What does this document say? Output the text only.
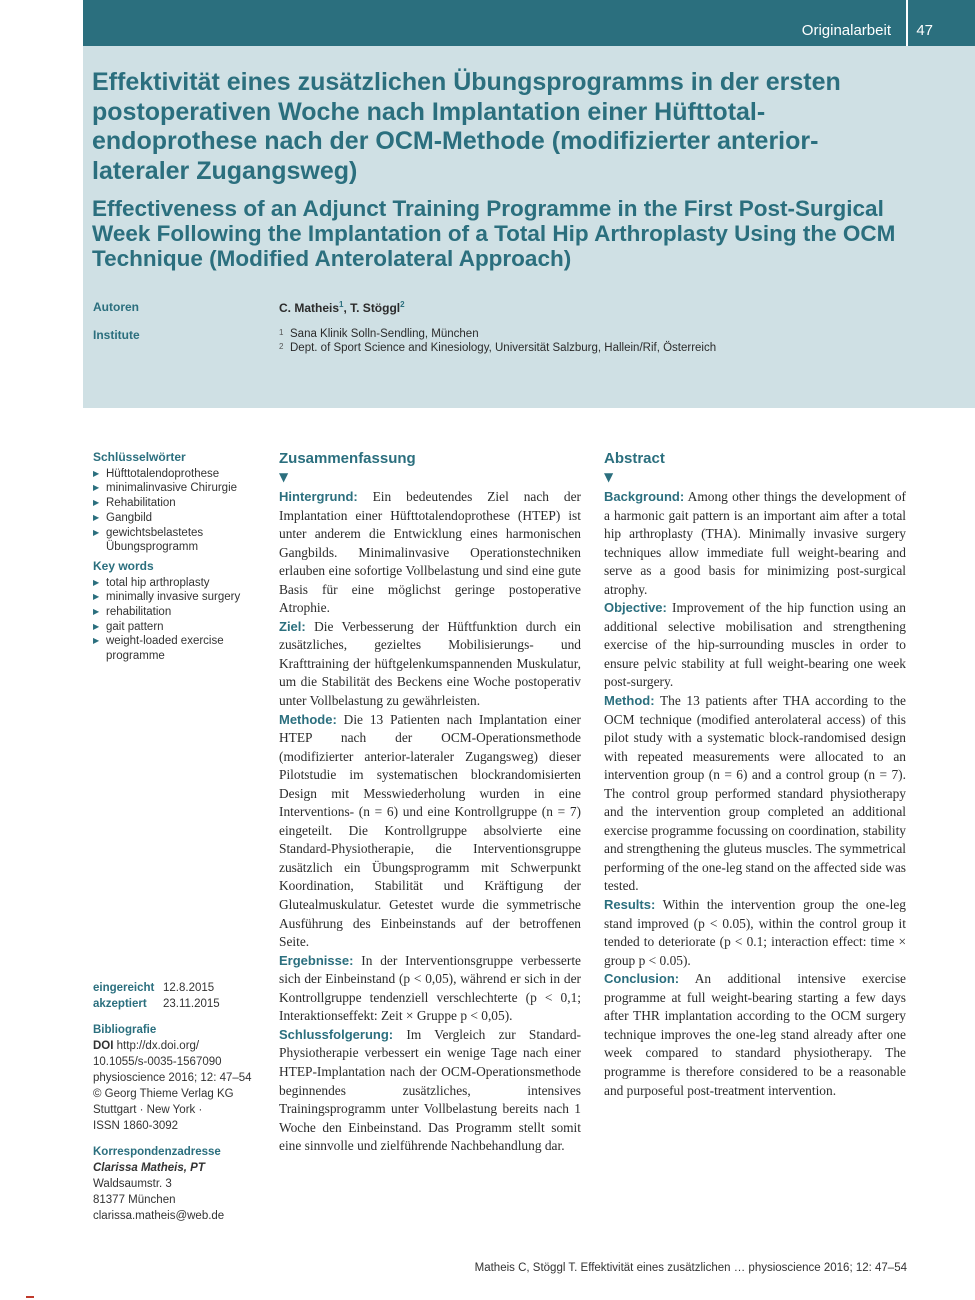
Originalarbeit 47
Effektivität eines zusätzlichen Übungsprogramms in der ersten postoperativen Woche nach Implantation einer Hüfttotalendoprothese nach der OCM-Methode (modifizierter anterior-lateraler Zugangsweg)
Effectiveness of an Adjunct Training Programme in the First Post-Surgical Week Following the Implantation of a Total Hip Arthroplasty Using the OCM Technique (Modified Anterolateral Approach)
Autoren	C. Matheis$^1$, T. Stöggl$^2$
Institute	1 Sana Klinik Solln-Sendling, München
2 Dept. of Sport Science and Kinesiology, Universität Salzburg, Hallein/Rif, Österreich
Schlüsselwörter
▶ Hüfttotalendoprothese
▶ minimalinvasive Chirurgie
▶ Rehabilitation
▶ Gangbild
▶ gewichtsbelastetes Übungsprogramm
Key words
▶ total hip arthroplasty
▶ minimally invasive surgery
▶ rehabilitation
▶ gait pattern
▶ weight-loaded exercise programme
eingereicht 12.8.2015
akzeptiert 23.11.2015
Bibliografie
DOI http://dx.doi.org/
10.1055/s-0035-1567090
physioscience 2016; 12: 47–54
© Georg Thieme Verlag KG
Stuttgart · New York ·
ISSN 1860-3092
Korrespondenzadresse
Clarissa Matheis, PT
Waldsaumstr. 3
81377 München
clarissa.matheis@web.de
Zusammenfassung
▼

Hintergrund: Ein bedeutendes Ziel nach der Implantation einer Hüfttotalendoprothese (HTEP) ist unter anderem die Entwicklung eines harmonischen Gangbilds. Minimalinvasive Operationstechniken erlauben eine sofortige Vollbelastung und sind eine gute Basis für eine möglichst geringe postoperative Atrophie.

Ziel: Die Verbesserung der Hüftfunktion durch ein zusätzliches, gezieltes Mobilisierungs- und Krafttraining der hüftgelenkumspannenden Muskulatur, um die Stabilität des Beckens eine Woche postoperativ unter Vollbelastung zu gewährleisten.

Methode: Die 13 Patienten nach Implantation einer HTEP nach der OCM-Operationsmethode (modifizierter anterior-lateraler Zugangsweg) dieser Pilotstudie im systematischen blockrandomisierten Design mit Messwiederholung wurden in eine Interventions- (n = 6) und eine Kontrollgruppe (n = 7) eingeteilt. Die Kontrollgruppe absolvierte eine Standard-Physiotherapie, die Interventionsgruppe zusätzlich ein Übungsprogramm mit Schwerpunkt Koordination, Stabilität und Kräftigung der Glutealmuskulatur. Getestet wurde die symmetrische Ausführung des Einbeinstands auf der betroffenen Seite.

Ergebnisse: In der Interventionsgruppe verbesserte sich der Einbeinstand (p < 0,05), während er sich in der Kontrollgruppe tendenziell verschlechterte (p < 0,1; Interaktionseffekt: Zeit × Gruppe p < 0,05).

Schlussfolgerung: Im Vergleich zur Standard-Physiotherapie verbessert ein wenige Tage nach einer HTEP-Implantation nach der OCM-Operationsmethode beginnendes zusätzliches, intensives Trainingsprogramm unter Vollbelastung bereits nach 1 Woche den Einbeinstand. Das Programm stellt somit eine sinnvolle und zielführende Nachbehandlung dar.

Abstract
▼

Background: Among other things the development of a harmonic gait pattern is an important aim after a total hip arthroplasty (THA). Minimally invasive surgery techniques allow immediate full weight-bearing and serve as a good basis for minimizing post-surgical atrophy.

Objective: Improvement of the hip function using an additional selective mobilisation and strengthening exercise of the hip-surrounding muscles in order to ensure pelvic stability at full weight-bearing one week post-surgery.

Method: The 13 patients after THA according to the OCM technique (modified anterolateral access) of this pilot study with a systematic block-randomised design with repeated measurements were allocated to an intervention group (n = 6) and a control group (n = 7). The control group performed standard physiotherapy and the intervention group completed an additional exercise programme focussing on coordination, stability and strengthening the gluteus muscles. The symmetrical performing of the one-leg stand on the affected side was tested.

Results: Within the intervention group the one-leg stand improved (p < 0.05), within the control group it tended to deteriorate (p < 0.1; interaction effect: time × group p < 0.05).

Conclusion: An additional intensive exercise programme at full weight-bearing starting a few days after THR implantation according to the OCM surgery technique improves the one-leg stand already after one week compared to standard physiotherapy. The programme is therefore considered to be a reasonable and purposeful post-treatment intervention.

Matheis C, Stöggl T. Effektivität eines zusätzlichen … physioscience 2016; 12: 47–54
